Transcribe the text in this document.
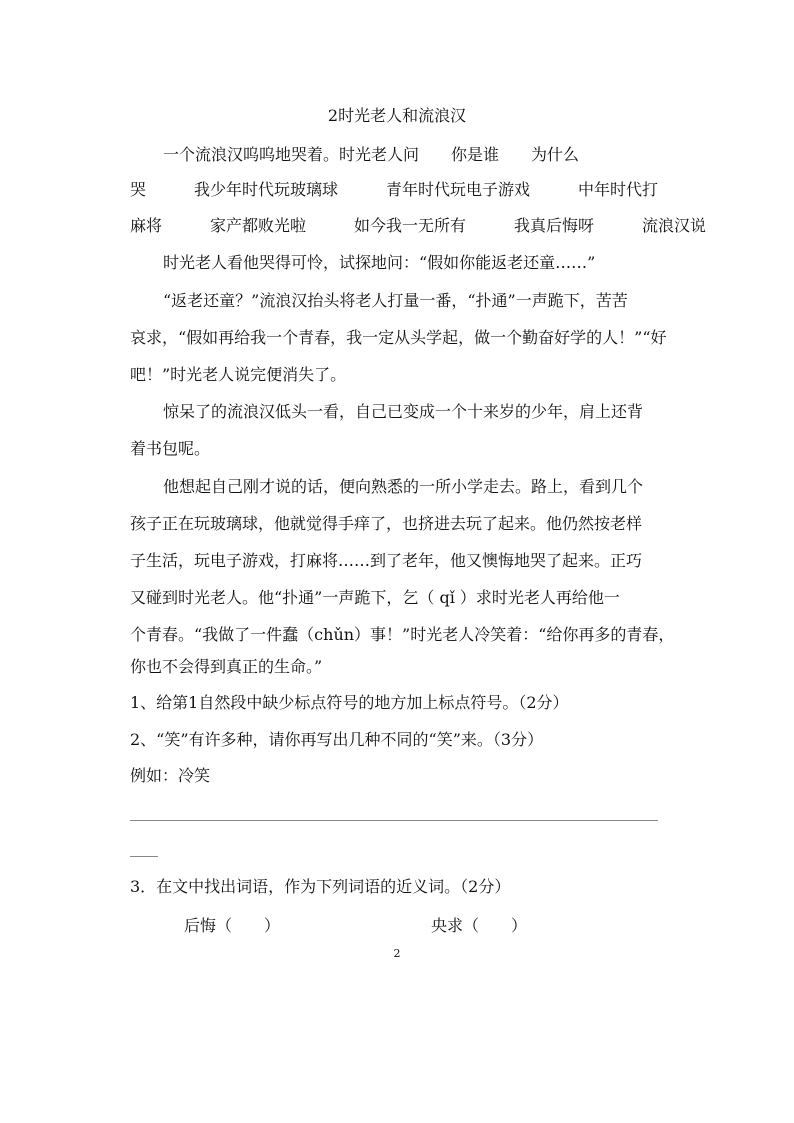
2时光老人和流浪汉
一个流浪汉呜呜地哭着。时光老人问　　你是谁　　为什么
哭　　　我少年时代玩玻璃球　　　青年时代玩电子游戏　　　中年时代打
麻将　　　家产都败光啦　　　如今我一无所有　　　我真后悔呀　　　流浪汉说
时光老人看他哭得可怜，试探地问：“假如你能返老还童……”
“返老还童？”流浪汉抬头将老人打量一番，“扑通”一声跪下，苦苦
哀求，“假如再给我一个青春，我一定从头学起，做一个勤奋好学的人！”“好
吧！”时光老人说完便消失了。
惊呆了的流浪汉低头一看，自己已变成一个十来岁的少年，肩上还背
着书包呢。
他想起自己刚才说的话，便向熟悉的一所小学走去。路上，看到几个
孩子正在玩玻璃球，他就觉得手痒了，也挤进去玩了起来。他仍然按老样
子生活，玩电子游戏，打麻将……到了老年，他又懊悔地哭了起来。正巧
又碰到时光老人。他“扑通”一声跪下，乞（ qǐ ）求时光老人再给他一
个青春。“我做了一件蠢（chǔn）事！”时光老人冷笑着：“给你再多的青春，
你也不会得到真正的生命。”
1、给第1自然段中缺少标点符号的地方加上标点符号。（2分）
2、“笑”有许多种，请你再写出几种不同的“笑”来。（3分）
例如：冷笑
3．在文中找出词语，作为下列词语的近义词。（2分）
后悔（　　）	央求（　　）
2
